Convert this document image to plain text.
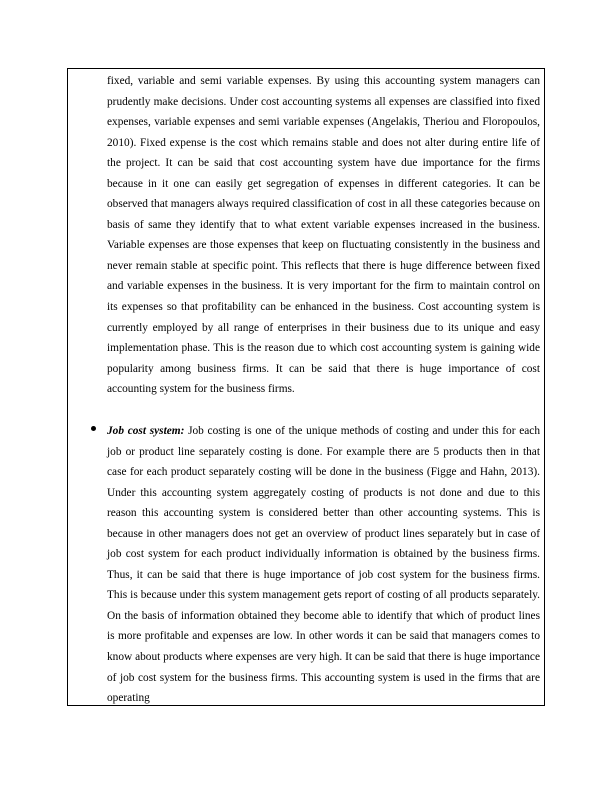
fixed, variable and semi variable expenses. By using this accounting system managers can prudently make decisions. Under cost accounting systems all expenses are classified into fixed expenses, variable expenses and semi variable expenses (Angelakis, Theriou and Floropoulos, 2010). Fixed expense is the cost which remains stable and does not alter during entire life of the project. It can be said that cost accounting system have due importance for the firms because in it one can easily get segregation of expenses in different categories. It can be observed that managers always required classification of cost in all these categories because on basis of same they identify that to what extent variable expenses increased in the business. Variable expenses are those expenses that keep on fluctuating consistently in the business and never remain stable at specific point. This reflects that there is huge difference between fixed and variable expenses in the business. It is very important for the firm to maintain control on its expenses so that profitability can be enhanced in the business. Cost accounting system is currently employed by all range of enterprises in their business due to its unique and easy implementation phase. This is the reason due to which cost accounting system is gaining wide popularity among business firms. It can be said that there is huge importance of cost accounting system for the business firms.

Job cost system: Job costing is one of the unique methods of costing and under this for each job or product line separately costing is done. For example there are 5 products then in that case for each product separately costing will be done in the business (Figge and Hahn, 2013). Under this accounting system aggregately costing of products is not done and due to this reason this accounting system is considered better than other accounting systems. This is because in other managers does not get an overview of product lines separately but in case of job cost system for each product individually information is obtained by the business firms. Thus, it can be said that there is huge importance of job cost system for the business firms. This is because under this system management gets report of costing of all products separately. On the basis of information obtained they become able to identify that which of product lines is more profitable and expenses are low. In other words it can be said that managers comes to know about products where expenses are very high. It can be said that there is huge importance of job cost system for the business firms. This accounting system is used in the firms that are operating
